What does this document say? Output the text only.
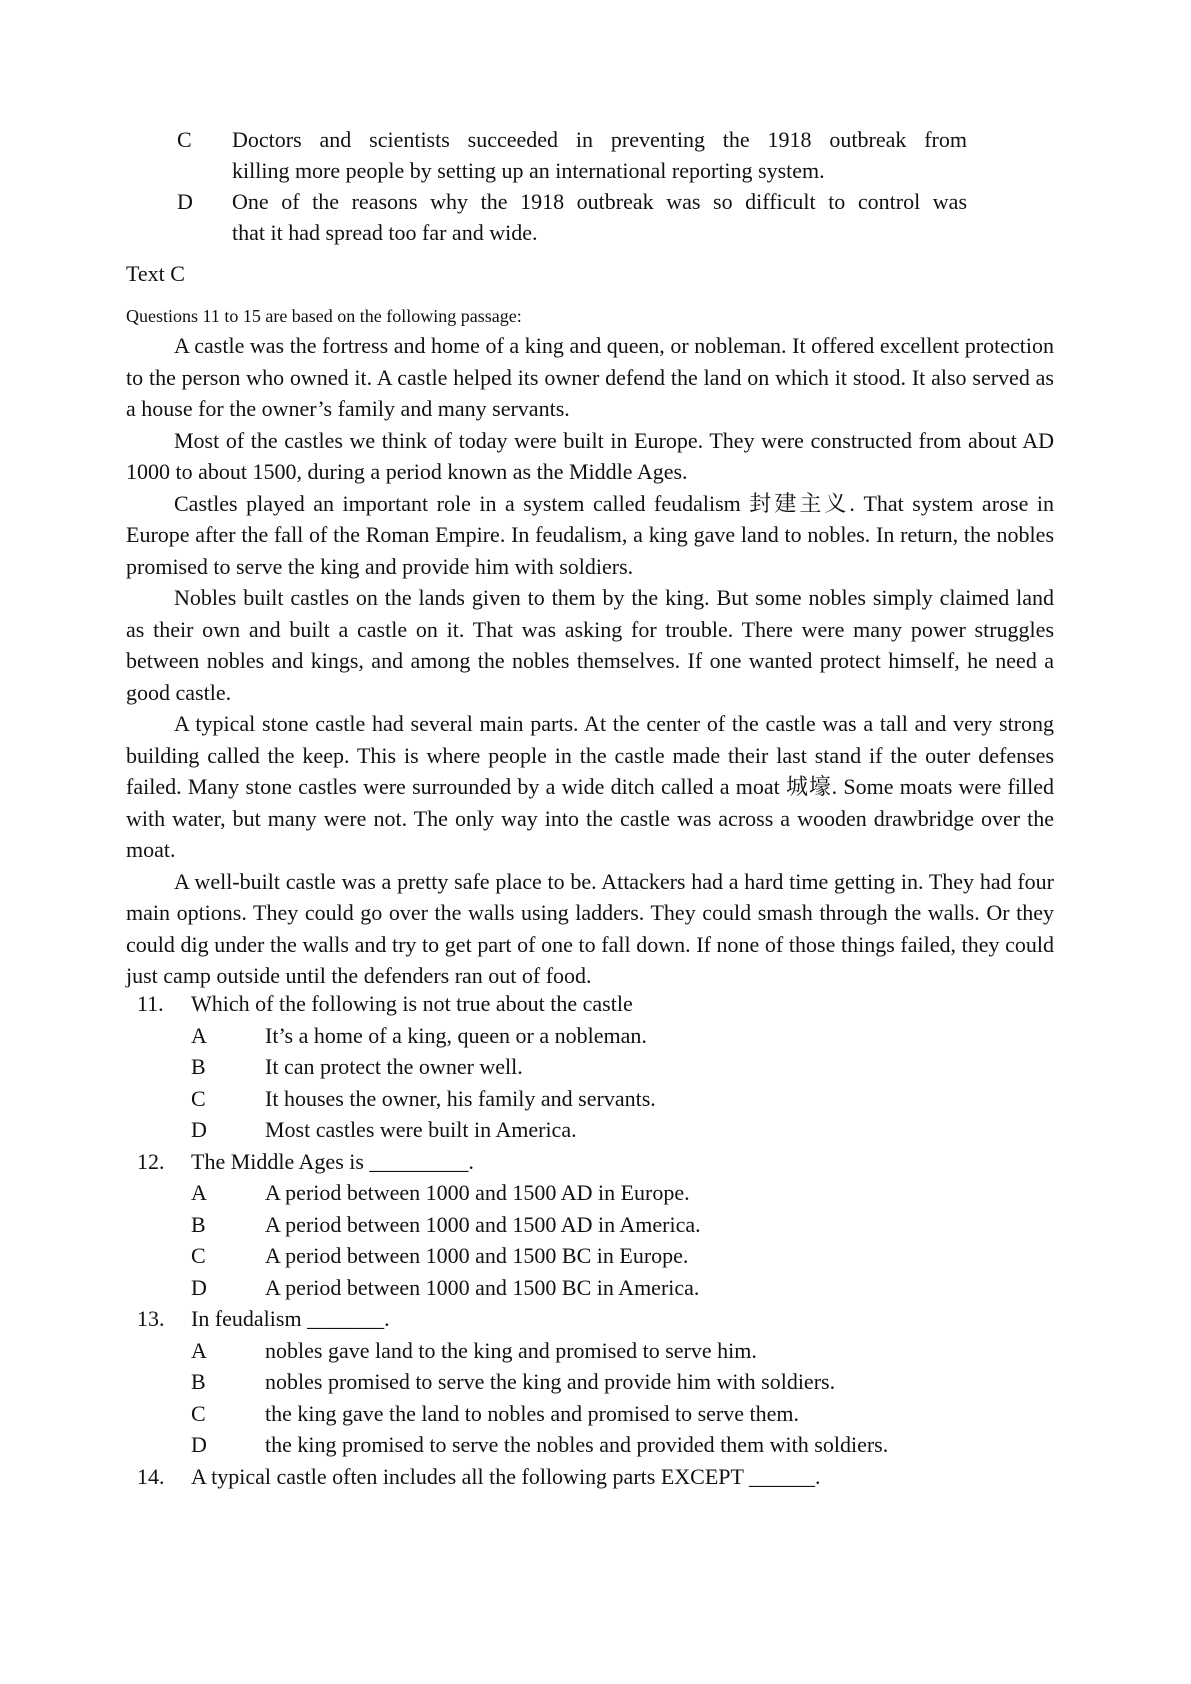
C Doctors and scientists succeeded in preventing the 1918 outbreak from
killing more people by setting up an international reporting system.
D One of the reasons why the 1918 outbreak was so difficult to control was
that it had spread too far and wide.
Text C
Questions 11 to 15 are based on the following passage:

A castle was the fortress and home of a king and queen, or nobleman. It offered excellent protection to the person who owned it. A castle helped its owner defend the land on which it stood. It also served as a house for the owner’s family and many servants.

Most of the castles we think of today were built in Europe. They were constructed from about AD 1000 to about 1500, during a period known as the Middle Ages.

Castles played an important role in a system called feudalism 封建主义. That system arose in Europe after the fall of the Roman Empire. In feudalism, a king gave land to nobles. In return, the nobles promised to serve the king and provide him with soldiers.

Nobles built castles on the lands given to them by the king. But some nobles simply claimed land as their own and built a castle on it. That was asking for trouble. There were many power struggles between nobles and kings, and among the nobles themselves. If one wanted protect himself, he need a good castle.

A typical stone castle had several main parts. At the center of the castle was a tall and very strong building called the keep. This is where people in the castle made their last stand if the outer defenses failed. Many stone castles were surrounded by a wide ditch called a moat 城壕. Some moats were filled with water, but many were not. The only way into the castle was across a wooden drawbridge over the moat.

A well-built castle was a pretty safe place to be. Attackers had a hard time getting in. They had four main options. They could go over the walls using ladders. They could smash through the walls. Or they could dig under the walls and try to get part of one to fall down. If none of those things failed, they could just camp outside until the defenders ran out of food.

11. Which of the following is not true about the castle
A	It’s a home of a king, queen or a nobleman.
B	It can protect the owner well.
C	It houses the owner, his family and servants.
D	Most castles were built in America.
12. The Middle Ages is _________.
A	A period between 1000 and 1500 AD in Europe.
B	A period between 1000 and 1500 AD in America.
C	A period between 1000 and 1500 BC in Europe.
D	A period between 1000 and 1500 BC in America.
13. In feudalism _______.
A	nobles gave land to the king and promised to serve him.
B	nobles promised to serve the king and provide him with soldiers.
C	the king gave the land to nobles and promised to serve them.
D	the king promised to serve the nobles and provided them with soldiers.
14. A typical castle often includes all the following parts EXCEPT ______.
